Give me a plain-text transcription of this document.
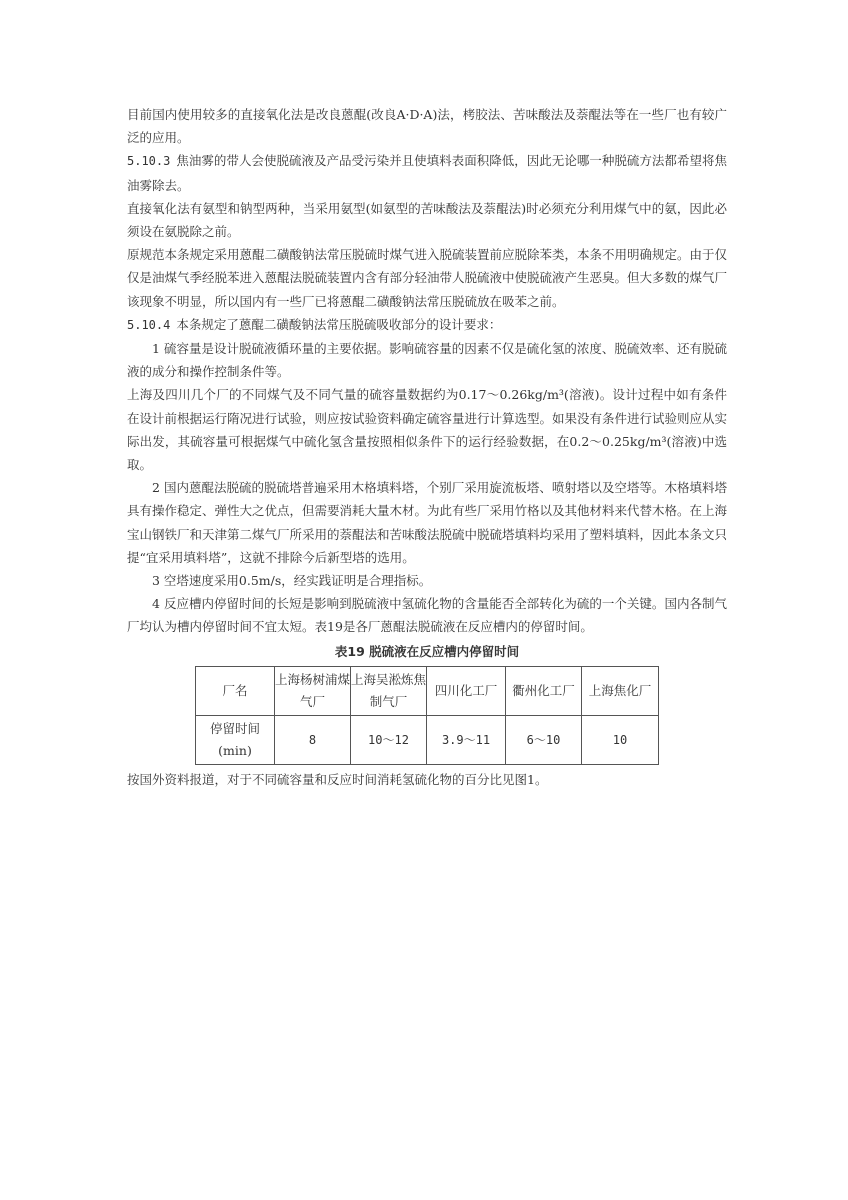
目前国内使用较多的直接氧化法是改良蒽醌(改良A·D·A)法，栲胶法、苦味酸法及萘醌法等在一些厂也有较广泛的应用。

5.10.3 焦油雾的带人会使脱硫液及产品受污染并且使填料表面积降低，因此无论哪一种脱硫方法都希望将焦油雾除去。

直接氧化法有氨型和钠型两种，当采用氨型(如氨型的苦味酸法及萘醌法)时必须充分利用煤气中的氨，因此必须设在氨脱除之前。

原规范本条规定采用蒽醌二磺酸钠法常压脱硫时煤气进入脱硫装置前应脱除苯类，本条不用明确规定。由于仅仅是油煤气季经脱苯进入蒽醌法脱硫装置内含有部分轻油带人脱硫液中使脱硫液产生恶臭。但大多数的煤气厂该现象不明显，所以国内有一些厂已将蒽醌二磺酸钠法常压脱硫放在吸苯之前。

5.10.4 本条规定了蒽醌二磺酸钠法常压脱硫吸收部分的设计要求：

1 硫容量是设计脱硫液循环量的主要依据。影响硫容量的因素不仅是硫化氢的浓度、脱硫效率、还有脱硫液的成分和操作控制条件等。

上海及四川几个厂的不同煤气及不同气量的硫容量数据约为0.17～0.26kg/m³(溶液)。设计过程中如有条件在设计前根据运行隋况进行试验，则应按试验资料确定硫容量进行计算选型。如果没有条件进行试验则应从实际出发，其硫容量可根据煤气中硫化氢含量按照相似条件下的运行经验数据，在0.2～0.25kg/m³(溶液)中选取。

2 国内蒽醌法脱硫的脱硫塔普遍采用木格填料塔，个别厂采用旋流板塔、喷射塔以及空塔等。木格填料塔具有操作稳定、弹性大之优点，但需要消耗大量木材。为此有些厂采用竹格以及其他材料来代替木格。在上海宝山钢铁厂和天津第二煤气厂所采用的萘醌法和苦味酸法脱硫中脱硫塔填料均采用了塑料填料，因此本条文只提“宜采用填料塔”，这就不排除今后新型塔的选用。

3 空塔速度采用0.5m/s，经实践证明是合理指标。

4 反应槽内停留时间的长短是影响到脱硫液中氢硫化物的含量能否全部转化为硫的一个关键。国内各制气厂均认为槽内停留时间不宜太短。表19是各厂蒽醌法脱硫液在反应槽内的停留时间。

表19 脱硫液在反应槽内停留时间

厂名	上海杨树浦煤气厂	上海吴淞炼焦制气厂	四川化工厂	衢州化工厂	上海焦化厂
停留时间(min)	8	10～12	3.9～11	6～10	10

按国外资料报道，对于不同硫容量和反应时间消耗氢硫化物的百分比见图1。
